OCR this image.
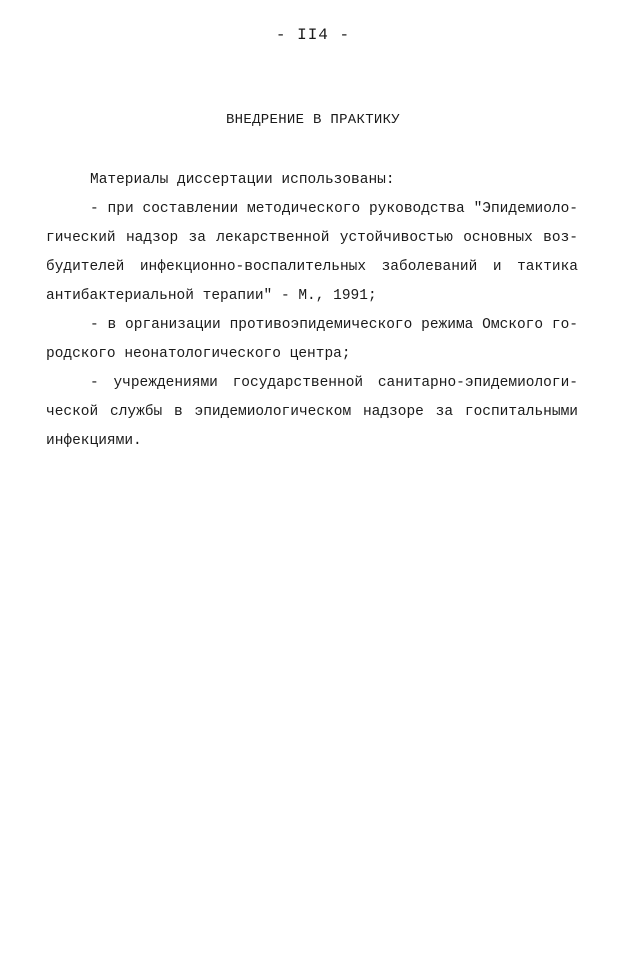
- II4 -
ВНЕДРЕНИЕ В ПРАКТИКУ
Материалы диссертации использованы:
- при составлении методического руководства "Эпидемиоло-
гический надзор за лекарственной устойчивостью основных воз-
будителей инфекционно-воспалительных заболеваний и тактика
антибактериальной терапии" - М., 1991;
- в организации противоэпидемического режима Омского го-
родского неонатологического центра;
- учреждениями государственной санитарно-эпидемиологи-
ческой службы в эпидемиологическом надзоре за госпитальными
инфекциями.
